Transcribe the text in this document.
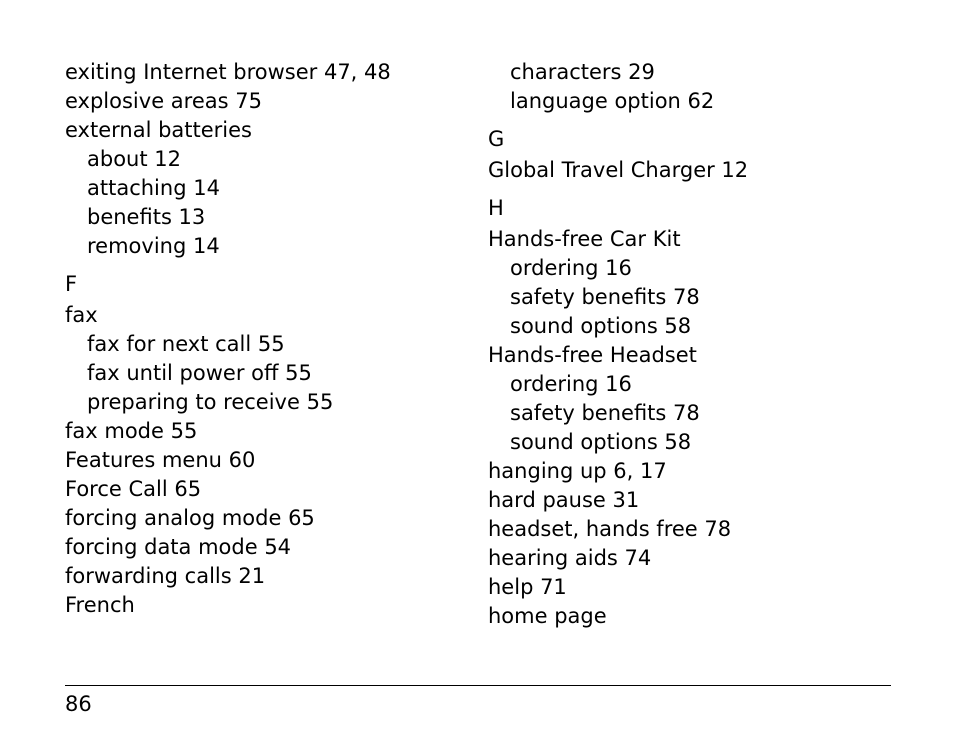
exiting Internet browser 47, 48
explosive areas 75
external batteries
about 12
attaching 14
benefits 13
removing 14
F
fax
fax for next call 55
fax until power off 55
preparing to receive 55
fax mode 55
Features menu 60
Force Call 65
forcing analog mode 65
forcing data mode 54
forwarding calls 21
French
characters 29
language option 62
G
Global Travel Charger 12
H
Hands-free Car Kit
ordering 16
safety benefits 78
sound options 58
Hands-free Headset
ordering 16
safety benefits 78
sound options 58
hanging up 6, 17
hard pause 31
headset, hands free 78
hearing aids 74
help 71
home page
86
